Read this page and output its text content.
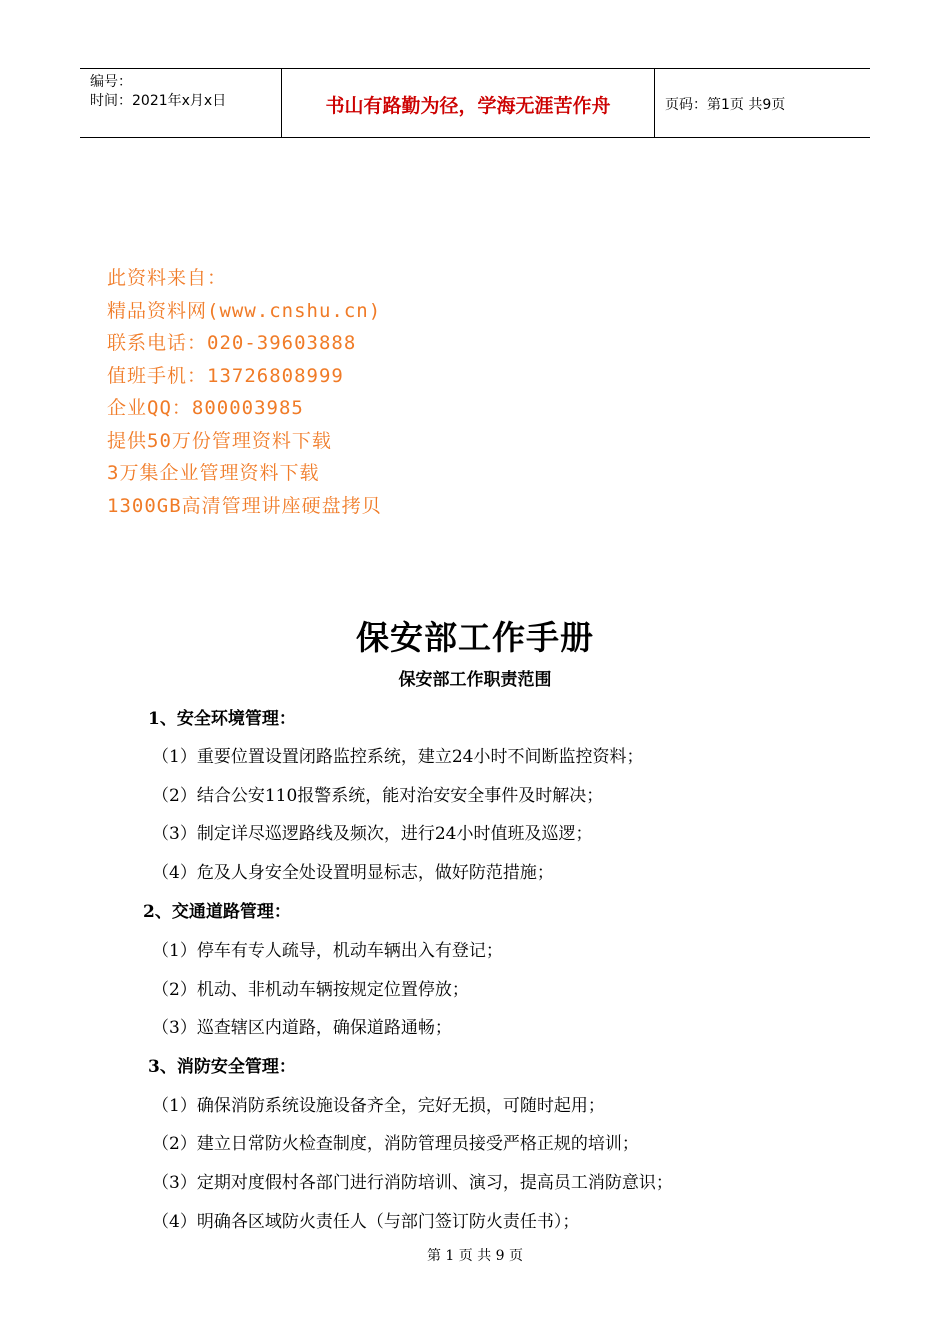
编号：
时间：2021年x月x日	书山有路勤为径，学海无涯苦作舟	页码：第1页 共9页
此资料来自：
精品资料网(www.cnshu.cn)
联系电话：020-39603888
值班手机：13726808999
企业QQ：800003985
提供50万份管理资料下载
3万集企业管理资料下载
1300GB高清管理讲座硬盘拷贝
保安部工作手册
保安部工作职责范围
1、安全环境管理：
（1）重要位置设置闭路监控系统，建立24小时不间断监控资料；
（2）结合公安110报警系统，能对治安安全事件及时解决；
（3）制定详尽巡逻路线及频次，进行24小时值班及巡逻；
（4）危及人身安全处设置明显标志，做好防范措施；
2、交通道路管理：
（1）停车有专人疏导，机动车辆出入有登记；
（2）机动、非机动车辆按规定位置停放；
（3）巡查辖区内道路，确保道路通畅；
3、消防安全管理：
（1）确保消防系统设施设备齐全，完好无损，可随时起用；
（2）建立日常防火检查制度，消防管理员接受严格正规的培训；
（3）定期对度假村各部门进行消防培训、演习，提高员工消防意识；
（4）明确各区域防火责任人（与部门签订防火责任书）；
第 1 页 共 9 页
